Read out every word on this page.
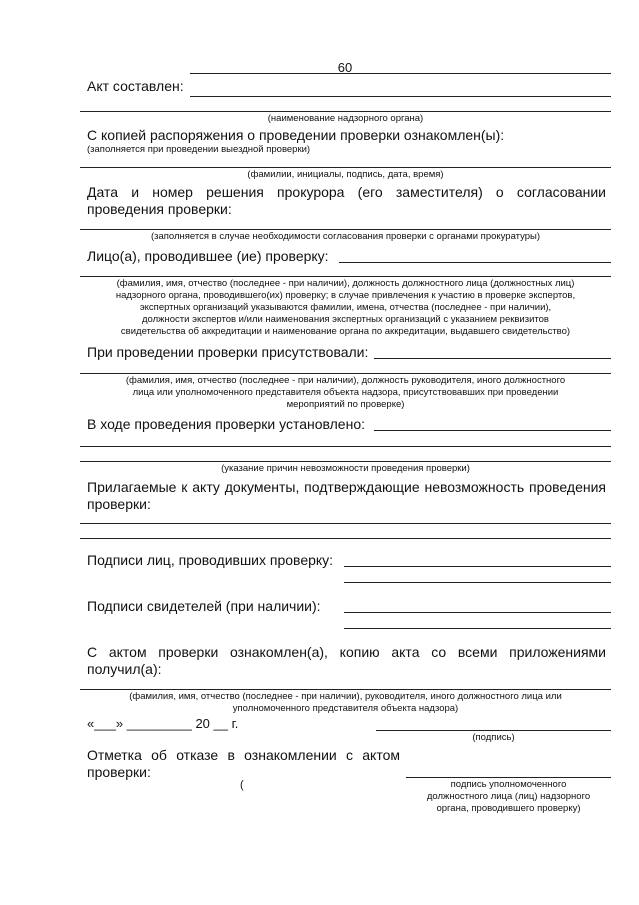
60
Акт составлен:
(наименование надзорного органа)
С копией распоряжения о проведении проверки ознакомлен(ы):
(заполняется при проведении выездной проверки)
(фамилии, инициалы, подпись, дата, время)
Дата и номер решения прокурора (его заместителя) о согласовании
проведения проверки:
(заполняется в случае необходимости согласования проверки с органами прокуратуры)
Лицо(а), проводившее (ие) проверку:
(фамилия, имя, отчество (последнее - при наличии), должность должностного лица (должностных лиц)
надзорного органа, проводившего(их) проверку; в случае привлечения к участию в проверке экспертов,
экспертных организаций указываются фамилии, имена, отчества (последнее - при наличии),
должности экспертов и/или наименования экспертных организаций с указанием реквизитов
свидетельства об аккредитации и наименование органа по аккредитации, выдавшего свидетельство)
При проведении проверки присутствовали:
(фамилия, имя, отчество (последнее - при наличии), должность руководителя, иного должностного
лица или уполномоченного представителя объекта надзора, присутствовавших при проведении
мероприятий по проверке)
В ходе проведения проверки установлено:
(указание причин невозможности проведения проверки)
Прилагаемые к акту документы, подтверждающие невозможность проведения
проверки:
Подписи лиц, проводивших проверку:
Подписи свидетелей (при наличии):
С актом проверки ознакомлен(а), копию акта со всеми приложениями
получил(а):
(фамилия, имя, отчество (последнее - при наличии), руководителя, иного должностного лица или
уполномоченного представителя объекта надзора)
«___» _________ 20 __ г.
(подпись)
Отметка об отказе в ознакомлении с актом
проверки:
(	подпись уполномоченного
должностного лица (лиц) надзорного
органа, проводившего проверку)
